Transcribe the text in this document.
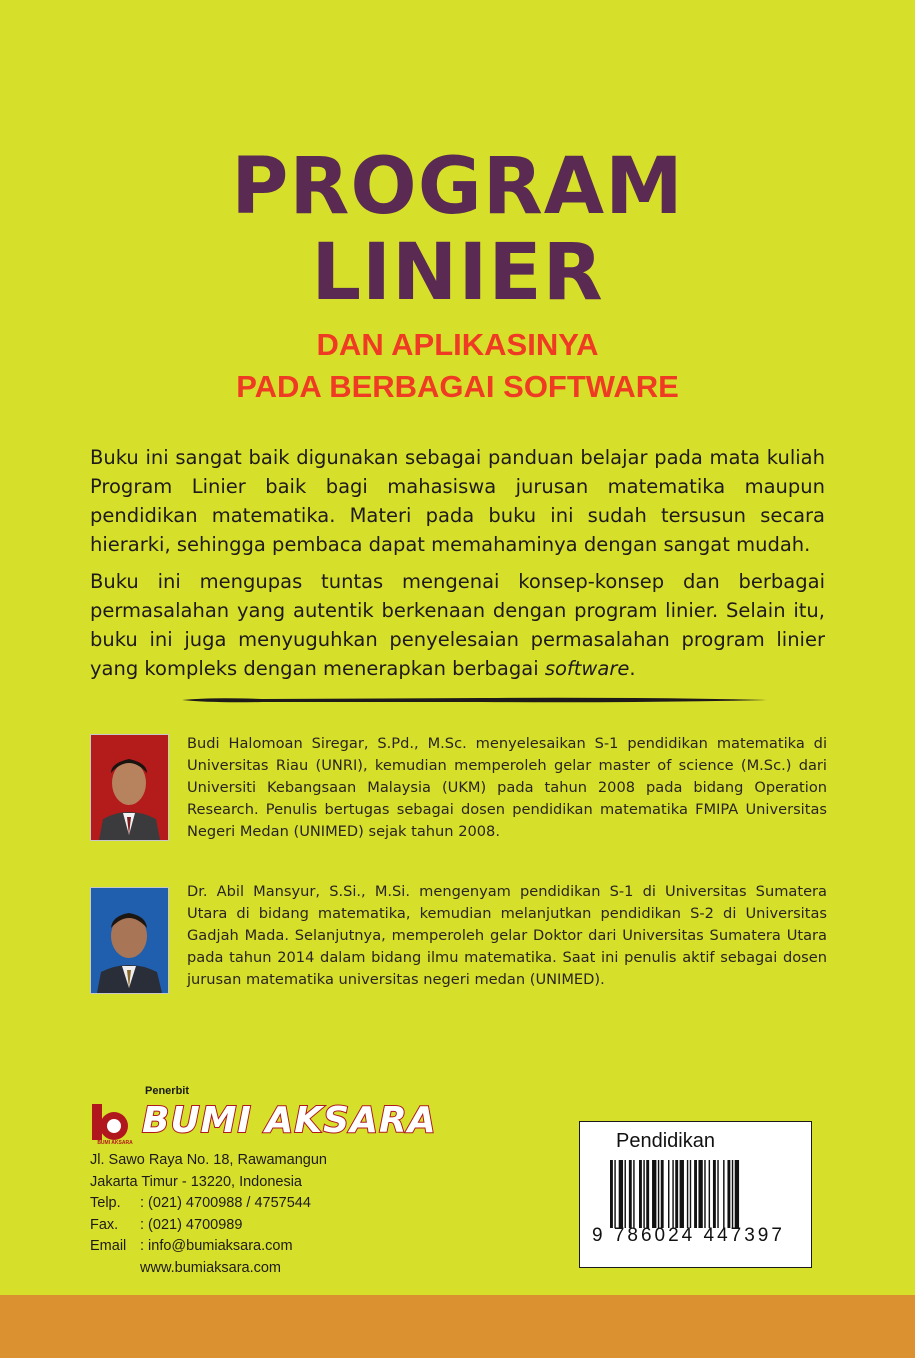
PROGRAM
LINIER
DAN APLIKASINYA
PADA BERBAGAI SOFTWARE

Buku ini sangat baik digunakan sebagai panduan belajar pada mata kuliah Program Linier baik bagi mahasiswa jurusan matematika maupun pendidikan matematika. Materi pada buku ini sudah tersusun secara hierarki, sehingga pembaca dapat memahaminya dengan sangat mudah.

Buku ini mengupas tuntas mengenai konsep-konsep dan berbagai permasalahan yang autentik berkenaan dengan program linier. Selain itu, buku ini juga menyuguhkan penyelesaian permasalahan program linier yang kompleks dengan menerapkan berbagai software.

Budi Halomoan Siregar, S.Pd., M.Sc. menyelesaikan S-1 pendidikan matematika di Universitas Riau (UNRI), kemudian memperoleh gelar master of science (M.Sc.) dari Universiti Kebangsaan Malaysia (UKM) pada tahun 2008 pada bidang Operation Research. Penulis bertugas sebagai dosen pendidikan matematika FMIPA Universitas Negeri Medan (UNIMED) sejak tahun 2008.

Dr. Abil Mansyur, S.Si., M.Si. mengenyam pendidikan S-1 di Universitas Sumatera Utara di bidang matematika, kemudian melanjutkan pendidikan S-2 di Universitas Gadjah Mada. Selanjutnya, memperoleh gelar Doktor dari Universitas Sumatera Utara pada tahun 2014 dalam bidang ilmu matematika. Saat ini penulis aktif sebagai dosen jurusan matematika universitas negeri medan (UNIMED).

Penerbit
BUMI AKSARA
BUMI AKSARA
Jl. Sawo Raya No. 18, Rawamangun
Jakarta Timur - 13220, Indonesia
Telp. : (021) 4700988 / 4757544
Fax. : (021) 4700989
Email : info@bumiaksara.com
www.bumiaksara.com
Pendidikan
9 786024 447397
